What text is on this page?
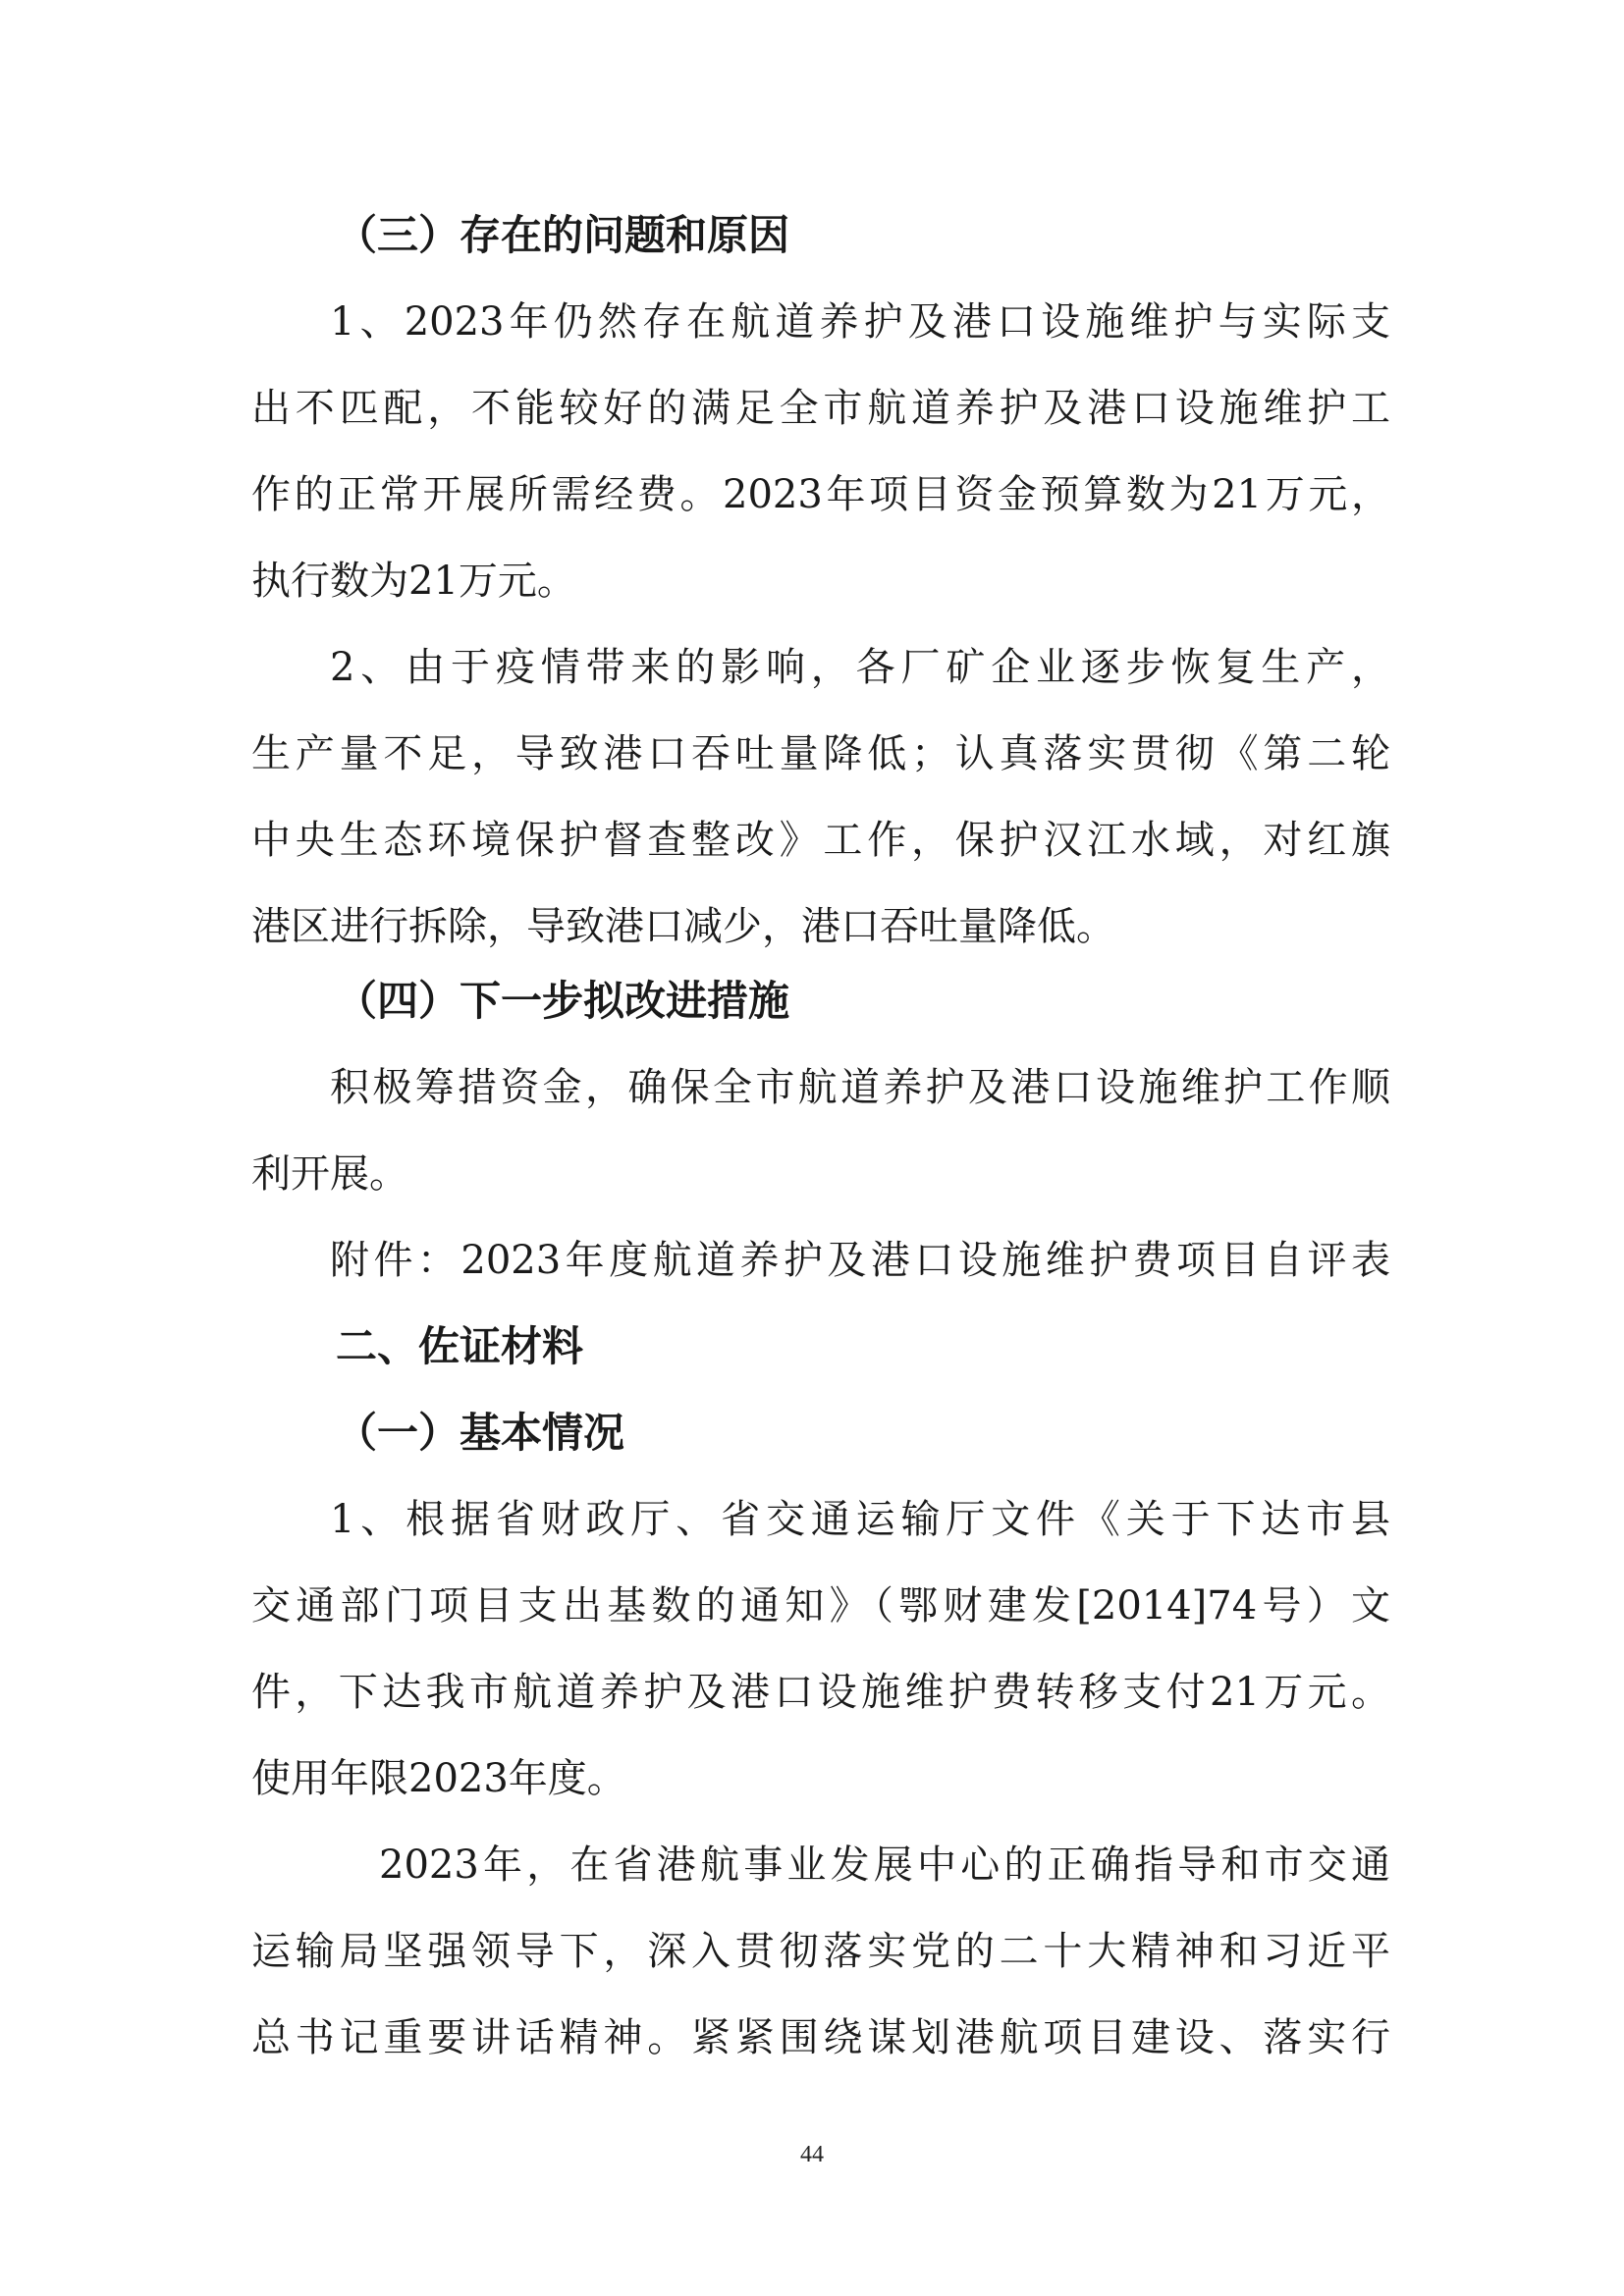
（三）存在的问题和原因
1、2023年仍然存在航道养护及港口设施维护与实际支
出不匹配，不能较好的满足全市航道养护及港口设施维护工
作的正常开展所需经费。2023年项目资金预算数为21万元，
执行数为21万元。
2、由于疫情带来的影响，各厂矿企业逐步恢复生产，
生产量不足，导致港口吞吐量降低；认真落实贯彻《第二轮
中央生态环境保护督查整改》工作，保护汉江水域，对红旗
港区进行拆除，导致港口减少，港口吞吐量降低。
（四）下一步拟改进措施
积极筹措资金，确保全市航道养护及港口设施维护工作顺
利开展。
附件：2023年度航道养护及港口设施维护费项目自评表
二、佐证材料
（一）基本情况
1、根据省财政厅、省交通运输厅文件《关于下达市县
交通部门项目支出基数的通知》（鄂财建发[2014]74号）文
件，下达我市航道养护及港口设施维护费转移支付21万元。
使用年限2023年度。
2023年，在省港航事业发展中心的正确指导和市交通
运输局坚强领导下，深入贯彻落实党的二十大精神和习近平
总书记重要讲话精神。紧紧围绕谋划港航项目建设、落实行
44
